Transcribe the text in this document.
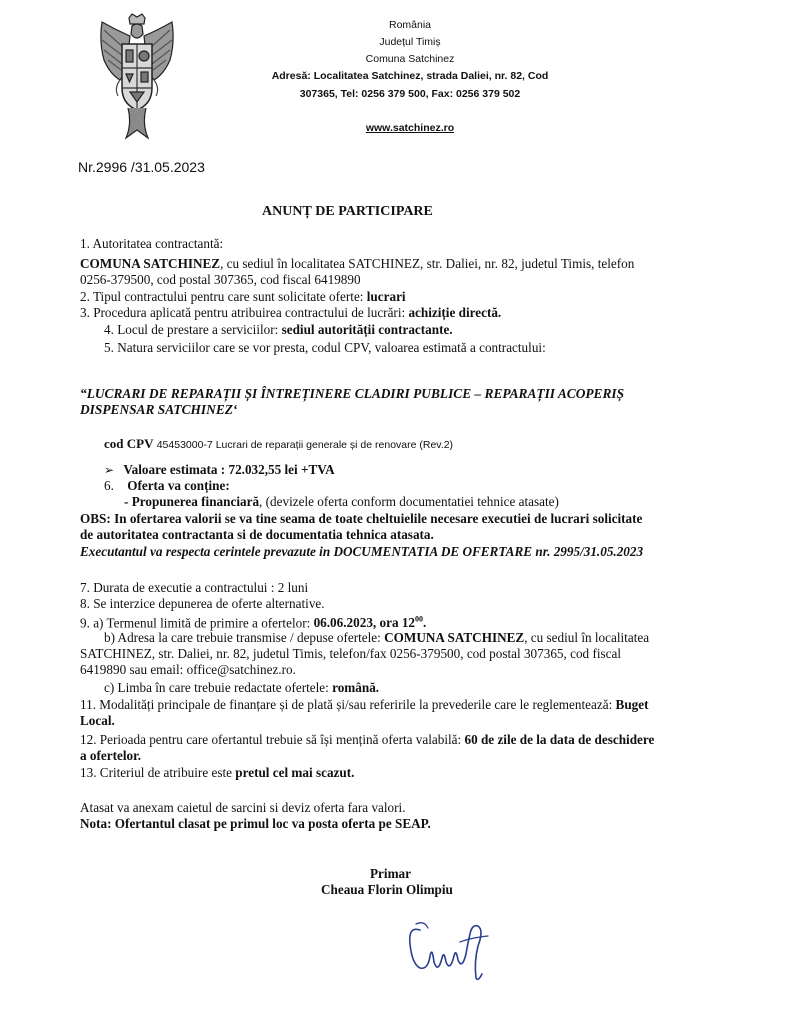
România
Județul Timiș
Comuna Satchinez
Adresă: Localitatea Satchinez, strada Daliei, nr. 82, Cod
307365, Tel: 0256 379 500, Fax: 0256 379 502
www.satchinez.ro
Nr.2996 /31.05.2023
ANUNȚ DE PARTICIPARE
1. Autoritatea contractantă:
COMUNA SATCHINEZ, cu sediul în localitatea SATCHINEZ, str. Daliei, nr. 82, judetul Timis, telefon
0256-379500, cod postal 307365, cod fiscal 6419890
2. Tipul contractului pentru care sunt solicitate oferte: lucrari
3. Procedura aplicată pentru atribuirea contractului de lucrări: achiziție directă.
4. Locul de prestare a serviciilor: sediul autorității contractante.
5. Natura serviciilor care se vor presta, codul CPV, valoarea estimată a contractului:
“LUCRARI DE REPARAȚII ȘI ÎNTREȚINERE CLADIRI PUBLICE – REPARAȚII ACOPERIȘ
DISPENSAR SATCHINEZ‘
cod CPV 45453000-7 Lucrari de reparații generale și de renovare (Rev.2)
➢ Valoare estimata : 72.032,55 lei +TVA
6. Oferta va conține:
- Propunerea financiară, (devizele oferta conform documentatiei tehnice atasate)
OBS: In ofertarea valorii se va tine seama de toate cheltuielile necesare executiei de lucrari solicitate
de autoritatea contractanta si de documentatia tehnica atasata.
Executantul va respecta cerintele prevazute in DOCUMENTATIA DE OFERTARE nr. 2995/31.05.2023
7. Durata de executie a contractului : 2 luni
8. Se interzice depunerea de oferte alternative.
9. a) Termenul limită de primire a ofertelor: 06.06.2023, ora $12^{00}$.
b) Adresa la care trebuie transmise / depuse ofertele: COMUNA SATCHINEZ, cu sediul în localitatea
SATCHINEZ, str. Daliei, nr. 82, judetul Timis, telefon/fax 0256-379500, cod postal 307365, cod fiscal
6419890 sau email: office@satchinez.ro.
c) Limba în care trebuie redactate ofertele: română.
11. Modalități principale de finanțare și de plată și/sau referirile la prevederile care le reglementează: Buget
Local.
12. Perioada pentru care ofertantul trebuie să își mențină oferta valabilă: 60 de zile de la data de deschidere
a ofertelor.
13. Criteriul de atribuire este pretul cel mai scazut.
Atasat va anexam caietul de sarcini si deviz oferta fara valori.
Nota: Ofertantul clasat pe primul loc va posta oferta pe SEAP.
Primar
Cheaua Florin Olimpiu
